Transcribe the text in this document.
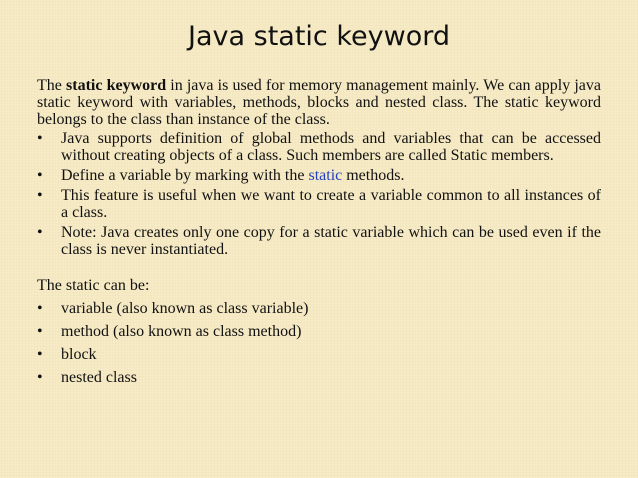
Java static keyword

The static keyword in java is used for memory management mainly. We can apply java static keyword with variables, methods, blocks and nested class. The static keyword belongs to the class than instance of the class.

• Java supports definition of global methods and variables that can be accessed without creating objects of a class. Such members are called Static members.
• Define a variable by marking with the static methods.
• This feature is useful when we want to create a variable common to all instances of a class.
• Note: Java creates only one copy for a static variable which can be used even if the class is never instantiated.

The static can be:

• variable (also known as class variable)
• method (also known as class method)
• block
• nested class
